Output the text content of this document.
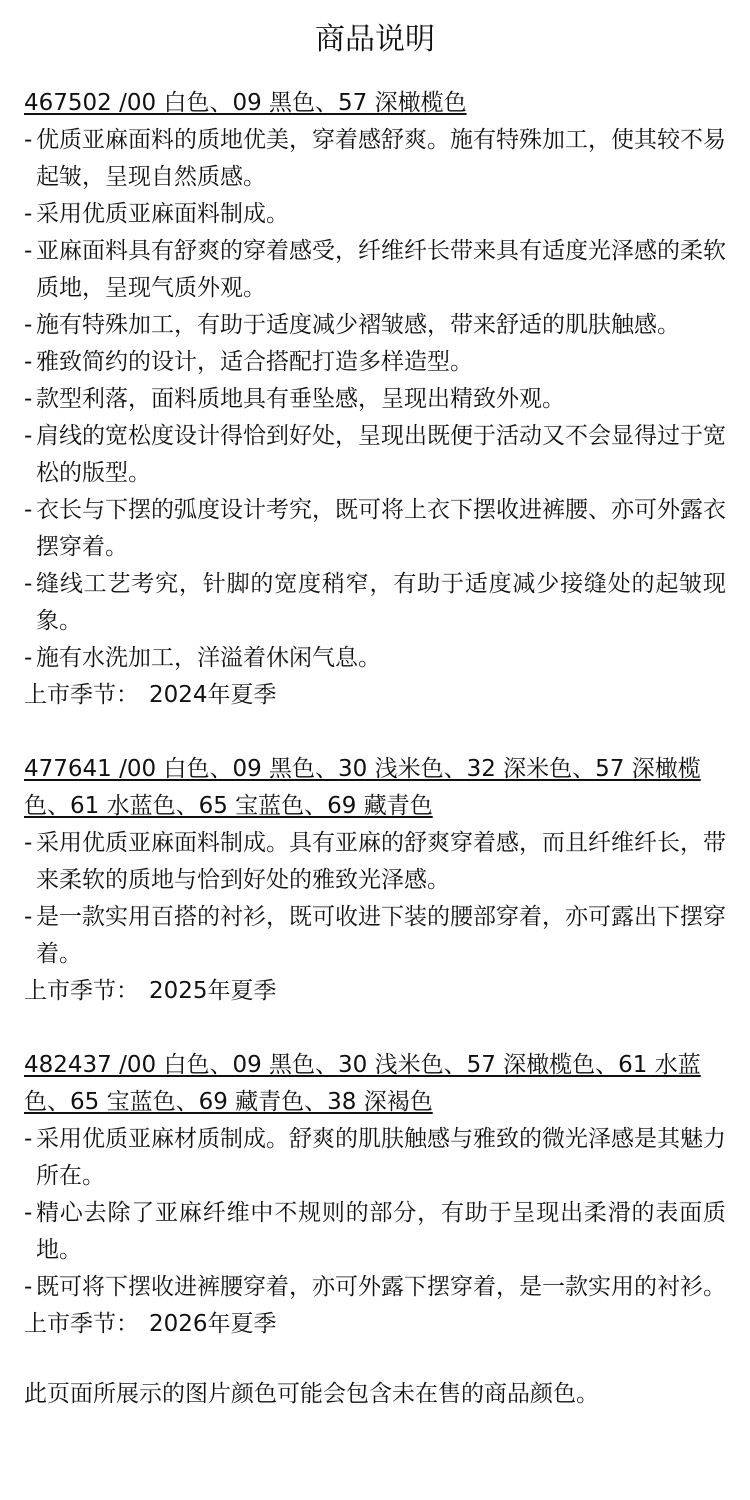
商品说明

467502 /00 白色、09 黑色、57 深橄榄色

- 优质亚麻面料的质地优美，穿着感舒爽。施有特殊加工，使其较不易起皱，呈现自然质感。
- 采用优质亚麻面料制成。
- 亚麻面料具有舒爽的穿着感受，纤维纤长带来具有适度光泽感的柔软质地，呈现气质外观。
- 施有特殊加工，有助于适度减少褶皱感，带来舒适的肌肤触感。
- 雅致简约的设计，适合搭配打造多样造型。
- 款型利落，面料质地具有垂坠感，呈现出精致外观。
- 肩线的宽松度设计得恰到好处，呈现出既便于活动又不会显得过于宽松的版型。
- 衣长与下摆的弧度设计考究，既可将上衣下摆收进裤腰、亦可外露衣摆穿着。
- 缝线工艺考究，针脚的宽度稍窄，有助于适度减少接缝处的起皱现象。
- 施有水洗加工，洋溢着休闲气息。

上市季节： 2024年夏季

477641 /00 白色、09 黑色、30 浅米色、32 深米色、57 深橄榄色、61 水蓝色、65 宝蓝色、69 藏青色

- 采用优质亚麻面料制成。具有亚麻的舒爽穿着感，而且纤维纤长，带来柔软的质地与恰到好处的雅致光泽感。
- 是一款实用百搭的衬衫，既可收进下装的腰部穿着，亦可露出下摆穿着。

上市季节： 2025年夏季

482437 /00 白色、09 黑色、30 浅米色、57 深橄榄色、61 水蓝色、65 宝蓝色、69 藏青色、38 深褐色

- 采用优质亚麻材质制成。舒爽的肌肤触感与雅致的微光泽感是其魅力所在。
- 精心去除了亚麻纤维中不规则的部分，有助于呈现出柔滑的表面质地。
- 既可将下摆收进裤腰穿着，亦可外露下摆穿着，是一款实用的衬衫。

上市季节： 2026年夏季

此页面所展示的图片颜色可能会包含未在售的商品颜色。
